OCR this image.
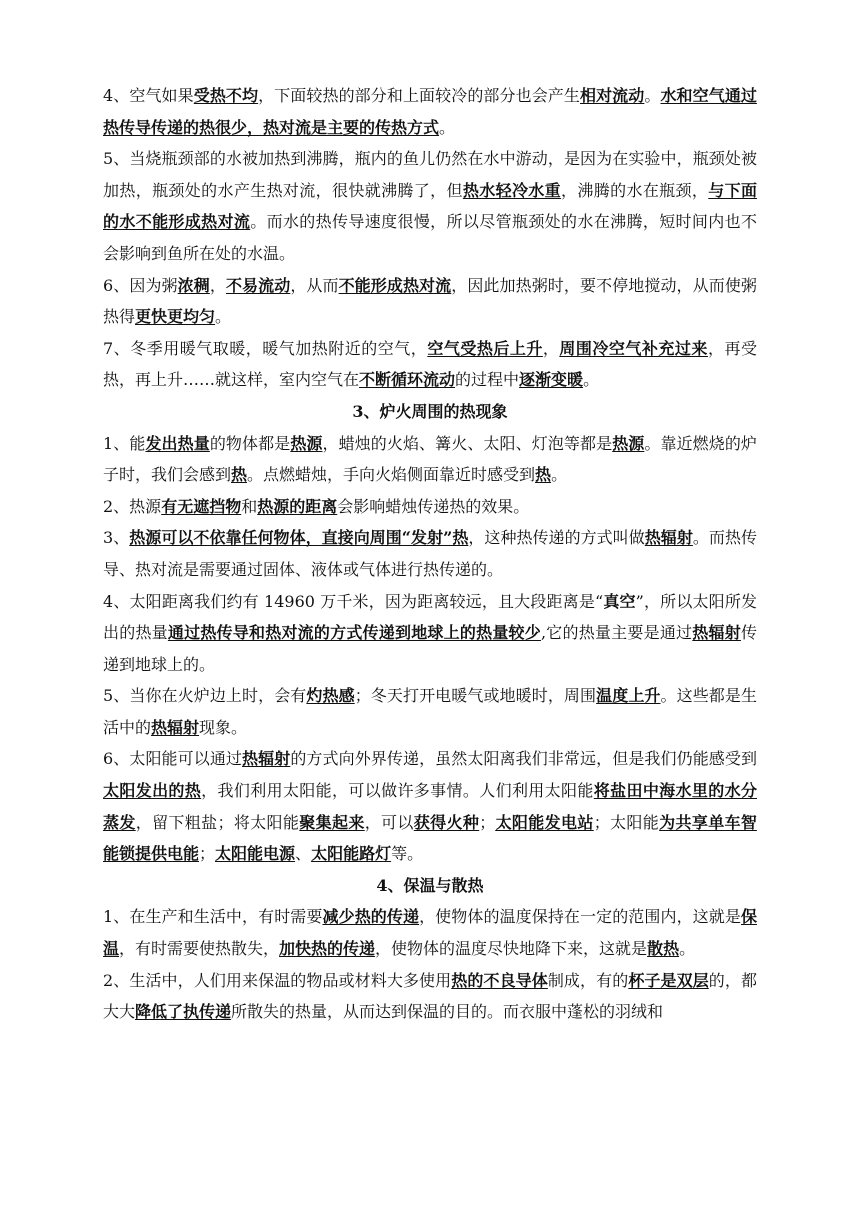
4、空气如果受热不均，下面较热的部分和上面较冷的部分也会产生相对流动。水和空气通过热传导传递的热很少，热对流是主要的传热方式。

5、当烧瓶颈部的水被加热到沸腾，瓶内的鱼儿仍然在水中游动，是因为在实验中，瓶颈处被加热，瓶颈处的水产生热对流，很快就沸腾了，但热水轻冷水重，沸腾的水在瓶颈，与下面的水不能形成热对流。而水的热传导速度很慢，所以尽管瓶颈处的水在沸腾，短时间内也不会影响到鱼所在处的水温。

6、因为粥浓稠，不易流动，从而不能形成热对流，因此加热粥时，要不停地搅动，从而使粥热得更快更均匀。

7、冬季用暖气取暖，暖气加热附近的空气，空气受热后上升，周围冷空气补充过来，再受热，再上升……就这样，室内空气在不断循环流动的过程中逐渐变暖。

3、炉火周围的热现象

1、能发出热量的物体都是热源，蜡烛的火焰、篝火、太阳、灯泡等都是热源。靠近燃烧的炉子时，我们会感到热。点燃蜡烛，手向火焰侧面靠近时感受到热。

2、热源有无遮挡物和热源的距离会影响蜡烛传递热的效果。

3、热源可以不依靠任何物体，直接向周围“发射”热，这种热传递的方式叫做热辐射。而热传导、热对流是需要通过固体、液体或气体进行热传递的。

4、太阳距离我们约有 14960 万千米，因为距离较远，且大段距离是“真空”，所以太阳所发出的热量通过热传导和热对流的方式传递到地球上的热量较少,它的热量主要是通过热辐射传递到地球上的。

5、当你在火炉边上时，会有灼热感；冬天打开电暖气或地暖时，周围温度上升。这些都是生活中的热辐射现象。

6、太阳能可以通过热辐射的方式向外界传递，虽然太阳离我们非常远，但是我们仍能感受到太阳发出的热，我们利用太阳能，可以做许多事情。人们利用太阳能将盐田中海水里的水分蒸发，留下粗盐；将太阳能聚集起来，可以获得火种；太阳能发电站；太阳能为共享单车智能锁提供电能；太阳能电源、太阳能路灯等。

4、保温与散热

1、在生产和生活中，有时需要减少热的传递，使物体的温度保持在一定的范围内，这就是保温，有时需要使热散失，加快热的传递，使物体的温度尽快地降下来，这就是散热。

2、生活中，人们用来保温的物品或材料大多使用热的不良导体制成，有的杯子是双层的，都大大降低了执传递所散失的热量，从而达到保温的目的。而衣服中蓬松的羽绒和
